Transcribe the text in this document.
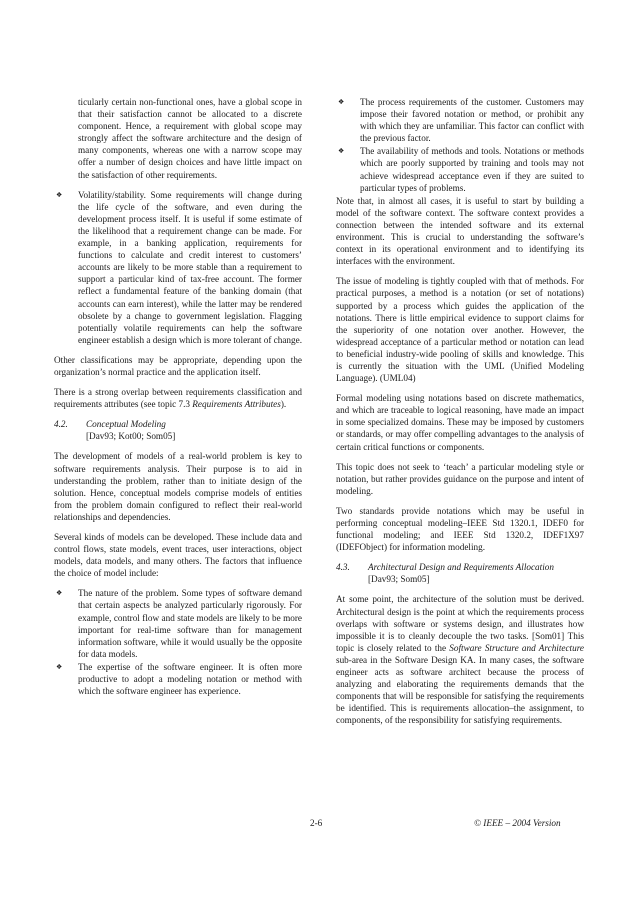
ticularly certain non-functional ones, have a global scope in that their satisfaction cannot be allocated to a discrete component. Hence, a requirement with global scope may strongly affect the software architecture and the design of many components, whereas one with a narrow scope may offer a number of design choices and have little impact on the satisfaction of other requirements.

❖ Volatility/stability. Some requirements will change during the life cycle of the software, and even during the development process itself. It is useful if some estimate of the likelihood that a requirement change can be made. For example, in a banking application, requirements for functions to calculate and credit interest to customers’ accounts are likely to be more stable than a requirement to support a particular kind of tax-free account. The former reflect a fundamental feature of the banking domain (that accounts can earn interest), while the latter may be rendered obsolete by a change to government legislation. Flagging potentially volatile requirements can help the software engineer establish a design which is more tolerant of change.

Other classifications may be appropriate, depending upon the organization’s normal practice and the application itself.

There is a strong overlap between requirements classification and requirements attributes (see topic 7.3 Requirements Attributes).

4.2. Conceptual Modeling
[Dav93; Kot00; Som05]

The development of models of a real-world problem is key to software requirements analysis. Their purpose is to aid in understanding the problem, rather than to initiate design of the solution. Hence, conceptual models comprise models of entities from the problem domain configured to reflect their real-world relationships and dependencies.

Several kinds of models can be developed. These include data and control flows, state models, event traces, user interactions, object models, data models, and many others. The factors that influence the choice of model include:

❖ The nature of the problem. Some types of software demand that certain aspects be analyzed particularly rigorously. For example, control flow and state models are likely to be more important for real-time software than for management information software, while it would usually be the opposite for data models.
❖ The expertise of the software engineer. It is often more productive to adopt a modeling notation or method with which the software engineer has experience.
❖ The process requirements of the customer. Customers may impose their favored notation or method, or prohibit any with which they are unfamiliar. This factor can conflict with the previous factor.
❖ The availability of methods and tools. Notations or methods which are poorly supported by training and tools may not achieve widespread acceptance even if they are suited to particular types of problems.

Note that, in almost all cases, it is useful to start by building a model of the software context. The software context provides a connection between the intended software and its external environment. This is crucial to understanding the software’s context in its operational environment and to identifying its interfaces with the environment.

The issue of modeling is tightly coupled with that of methods. For practical purposes, a method is a notation (or set of notations) supported by a process which guides the application of the notations. There is little empirical evidence to support claims for the superiority of one notation over another. However, the widespread acceptance of a particular method or notation can lead to beneficial industry-wide pooling of skills and knowledge. This is currently the situation with the UML (Unified Modeling Language). (UML04)

Formal modeling using notations based on discrete mathematics, and which are traceable to logical reasoning, have made an impact in some specialized domains. These may be imposed by customers or standards, or may offer compelling advantages to the analysis of certain critical functions or components.

This topic does not seek to ‘teach’ a particular modeling style or notation, but rather provides guidance on the purpose and intent of modeling.

Two standards provide notations which may be useful in performing conceptual modeling–IEEE Std 1320.1, IDEF0 for functional modeling; and IEEE Std 1320.2, IDEF1X97 (IDEFObject) for information modeling.

4.3. Architectural Design and Requirements Allocation
[Dav93; Som05]

At some point, the architecture of the solution must be derived. Architectural design is the point at which the requirements process overlaps with software or systems design, and illustrates how impossible it is to cleanly decouple the two tasks. [Som01] This topic is closely related to the Software Structure and Architecture sub-area in the Software Design KA. In many cases, the software engineer acts as software architect because the process of analyzing and elaborating the requirements demands that the components that will be responsible for satisfying the requirements be identified. This is requirements allocation–the assignment, to components, of the responsibility for satisfying requirements.

2-6	© IEEE – 2004 Version
